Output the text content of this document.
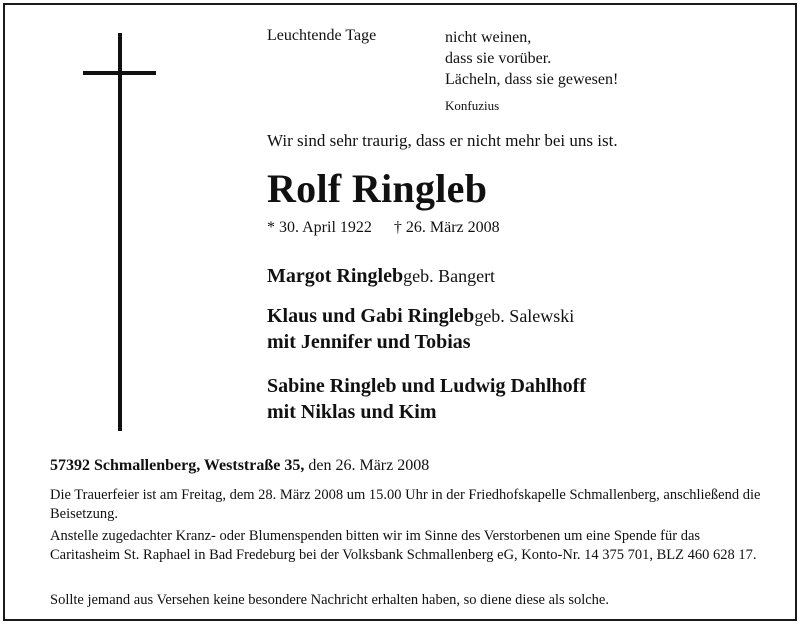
Leuchtende Tage	nicht weinen,
dass sie vorüber.
Lächeln, dass sie gewesen!
Konfuzius
Wir sind sehr traurig, dass er nicht mehr bei uns ist.
Rolf Ringleb
* 30. April 1922 † 26. März 2008
Margot Ringlebgeb. Bangert
Klaus und Gabi Ringlebgeb. Salewski
mit Jennifer und Tobias
Sabine Ringleb und Ludwig Dahlhoff
mit Niklas und Kim
57392 Schmallenberg, Weststraße 35, den 26. März 2008
Die Trauerfeier ist am Freitag, dem 28. März 2008 um 15.00 Uhr in der Friedhofskapelle Schmallenberg, anschließend die Beisetzung.
Anstelle zugedachter Kranz- oder Blumenspenden bitten wir im Sinne des Verstorbenen um eine Spende für das Caritasheim St. Raphael in Bad Fredeburg bei der Volksbank Schmallenberg eG, Konto-Nr. 14 375 701, BLZ 460 628 17.
Sollte jemand aus Versehen keine besondere Nachricht erhalten haben, so diene diese als solche.
